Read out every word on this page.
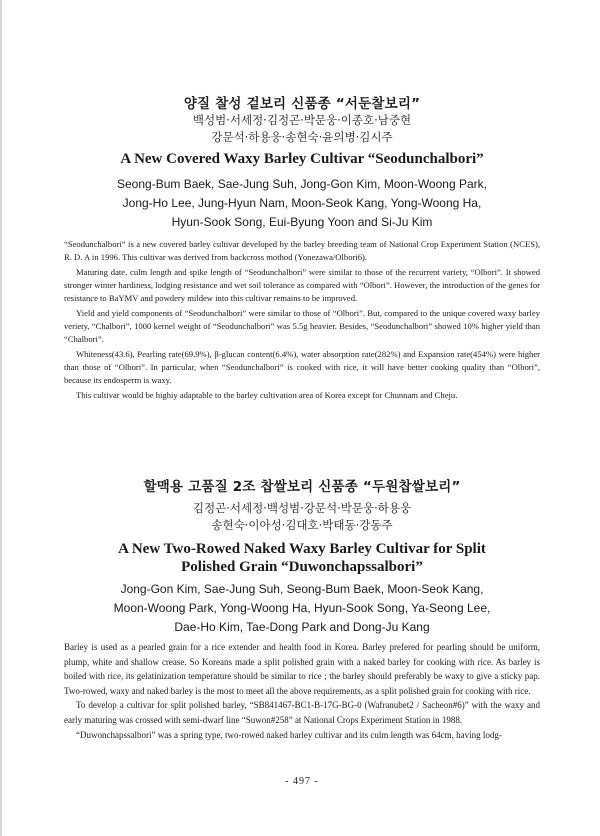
양질 찰성 겉보리 신품종 “서둔찰보리”
백성범·서세정·김정곤·박문웅·이종호·남중현
강문석·하용웅·송현숙·윤의병·김시주
A New Covered Waxy Barley Cultivar “Seodunchalbori”
Seong-Bum Baek, Sae-Jung Suh, Jong-Gon Kim, Moon-Woong Park,
Jong-Ho Lee, Jung-Hyun Nam, Moon-Seok Kang, Yong-Woong Ha,
Hyun-Sook Song, Eui-Byung Yoon and Si-Ju Kim

“Seodunchalbori” is a new covered barley cultivar developed by the barley breeding team of National Crop Experiment Station (NCES), R. D. A in 1996. This cultivar was derived from backcross mothod (Yonezawa/Olbori6).

Maturing date, culm length and spike length of “Seodunchalbori” were similar to those of the recurrent variety, “Olbori”. It showed stronger winter hardiness, lodging resistance and wet soil tolerance as compared with “Olbori”. However, the introduction of the genes for resistance to BaYMV and powdery mildew into this cultivar remains to be improved.

Yield and yield components of “Seodunchalbori” were similar to those of “Olbori”. But, compared to the unique covered waxy barley veriety, “Chalbori”, 1000 kernel weight of “Seodunchalbori” was 5.5g heavier. Besides, “Seodunchalbori” showed 10% higher yield than “Chalbori”.

Whiteness(43.6), Pearling rate(69.9%), β-glucan content(6.4%), water absorption rate(282%) and Expansion rate(454%) were higher than those of “Olbori”. In particular, when “Seodunchalbori” is cooked with rice, it will have better cooking quality than “Olbori”, because its endosperm is waxy.

This cultivar would be highiy adaptable to the barley cultivation area of Korea except for Chunnam and Cheju.

할맥용 고품질 2조 찹쌀보리 신품종 “두원찹쌀보리”
김정곤·서세정·백성범·강문석·박문웅·하용웅
송현숙·이아성·김대호·박태동·강동주
A New Two-Rowed Naked Waxy Barley Cultivar for Split
Polished Grain “Duwonchapssalbori”
Jong-Gon Kim, Sae-Jung Suh, Seong-Bum Baek, Moon-Seok Kang,
Moon-Woong Park, Yong-Woong Ha, Hyun-Sook Song, Ya-Seong Lee,
Dae-Ho Kim, Tae-Dong Park and Dong-Ju Kang

Barley is used as a pearled grain for a rice extender and health food in Korea. Barley prefered for pearling should be uniform, plump, white and shallow crease. So Koreans made a split polished grain with a naked barley for cooking with rice. As barley is boiled with rice, its gelatinization temperature should be similar to rice ; the barley should preferably be waxy to give a sticky pap. Two-rowed, waxy and naked barley is the most to meet all the above requirements, as a split polished grain for cooking with rice.

To develop a cultivar for split polished barley, “SB841467-BC1-B-17G-BG-0 (Wafranubet2 / Sacheon#6)” with the waxy and early maturing was crossed with semi-dwarf line “Suwon#258” at National Crops Experiment Station in 1988.

“Duwonchapssalbori” was a spring type, two-rowed naked barley cultivar and its culm length was 64cm, having lodg-

- 497 -
